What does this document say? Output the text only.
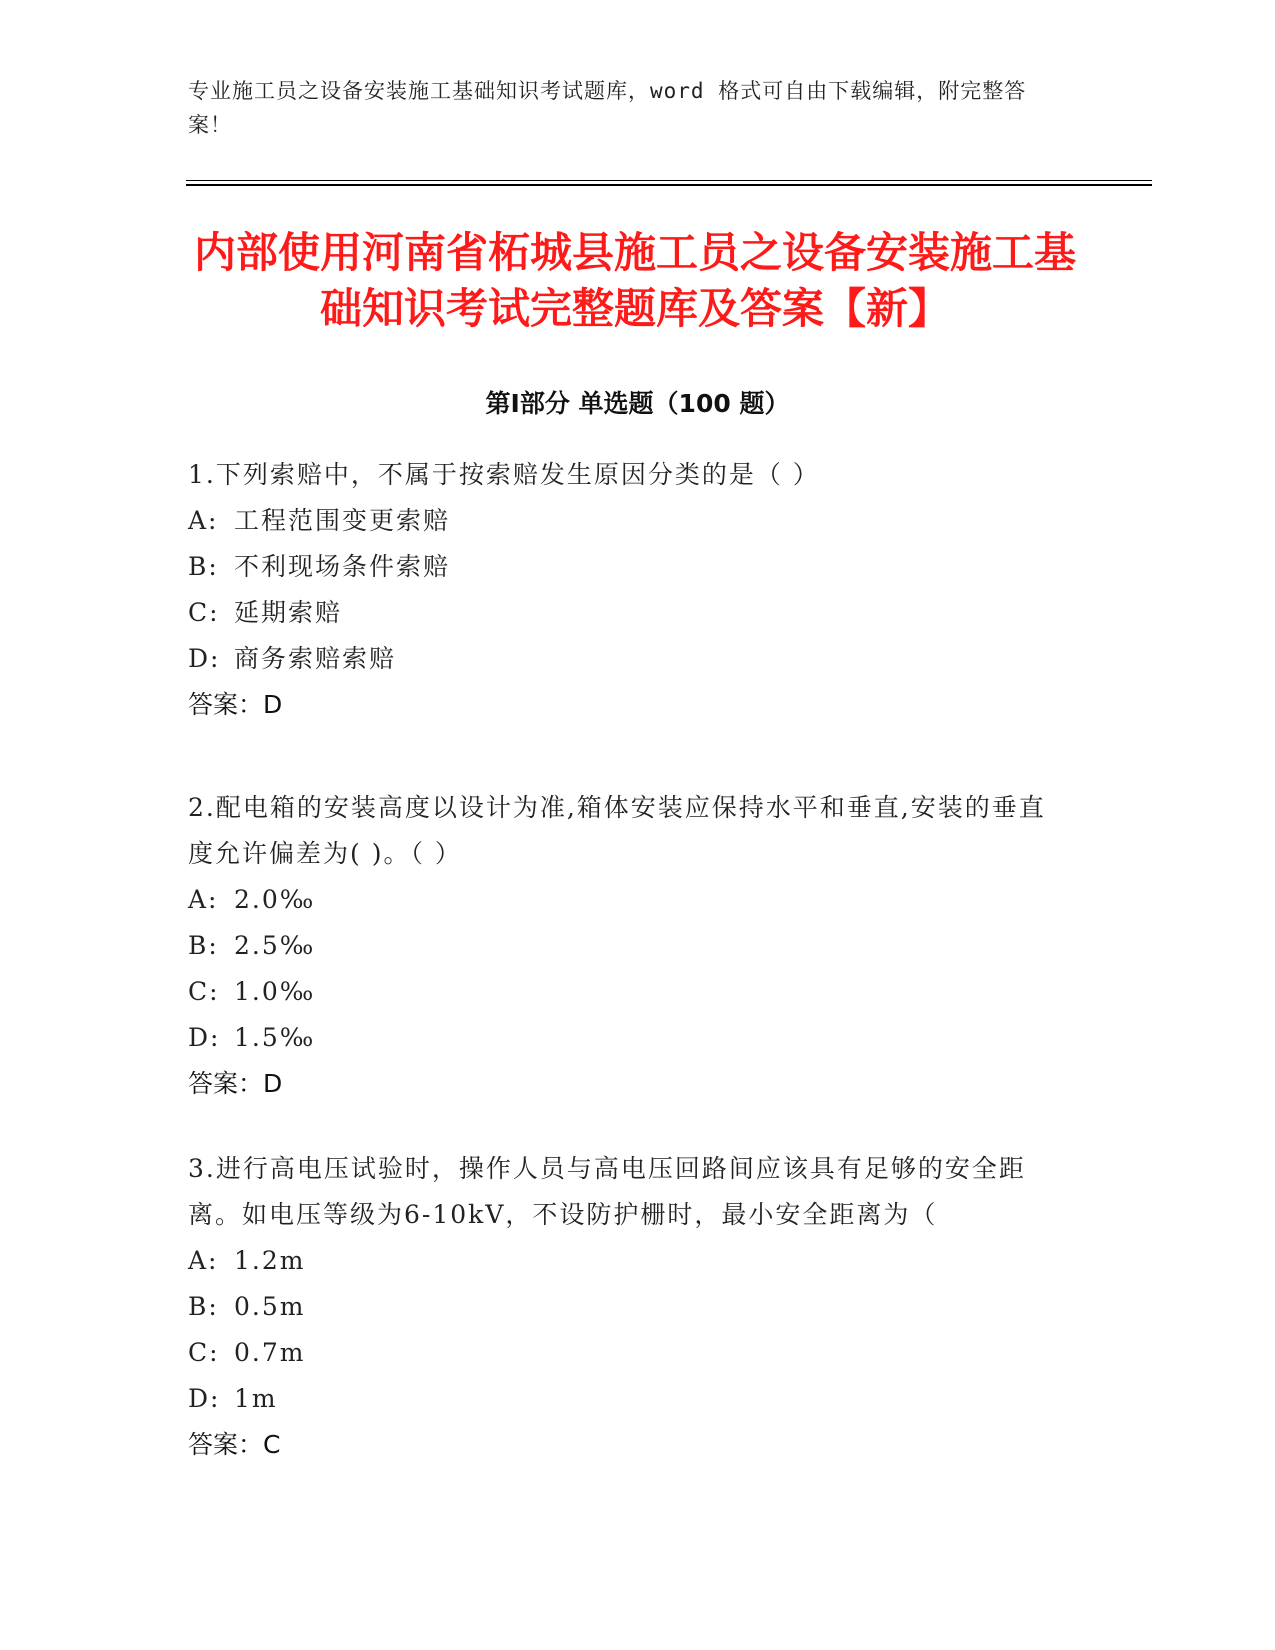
专业施工员之设备安装施工基础知识考试题库，word 格式可自由下载编辑，附完整答案！
内部使用河南省柘城县施工员之设备安装施工基础知识考试完整题库及答案【新】
第Ⅰ部分 单选题（100 题）
1.下列索赔中，不属于按索赔发生原因分类的是（ ）
A: 工程范围变更索赔
B: 不利现场条件索赔
C: 延期索赔
D: 商务索赔索赔
答案：D
2.配电箱的安装高度以设计为准,箱体安装应保持水平和垂直,安装的垂直度允许偏差为( )。（ ）
A: 2.0‰
B: 2.5‰
C: 1.0‰
D: 1.5‰
答案：D
3.进行高电压试验时，操作人员与高电压回路间应该具有足够的安全距离。如电压等级为6-10kV，不设防护栅时，最小安全距离为（
A: 1.2m
B: 0.5m
C: 0.7m
D: 1m
答案：C
